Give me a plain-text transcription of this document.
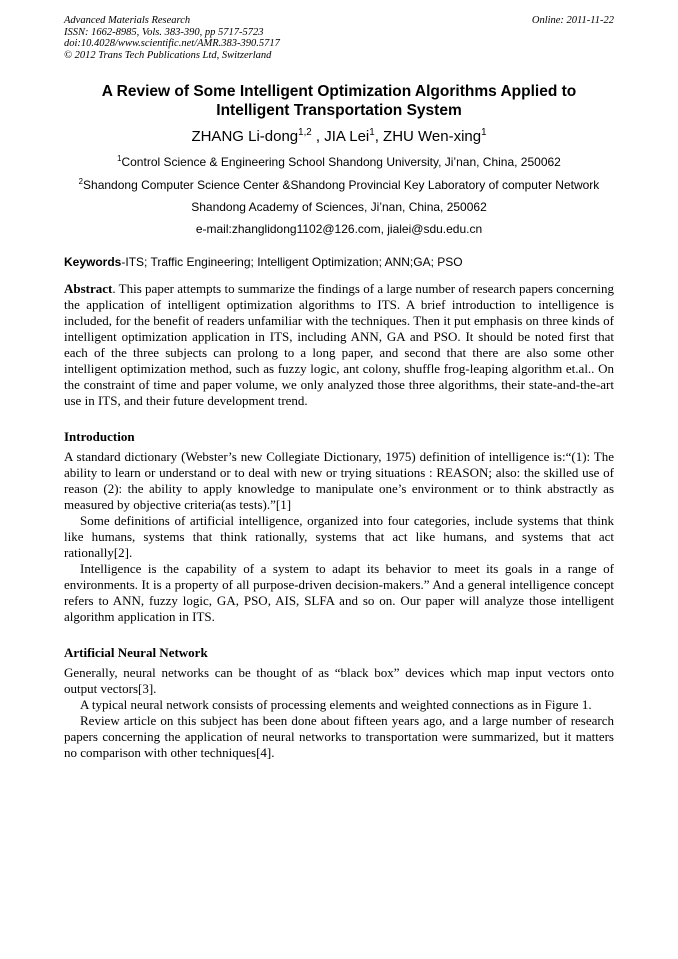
Advanced Materials Research
ISSN: 1662-8985, Vols. 383-390, pp 5717-5723
doi:10.4028/www.scientific.net/AMR.383-390.5717
© 2012 Trans Tech Publications Ltd, Switzerland
Online: 2011-11-22
A Review of Some Intelligent Optimization Algorithms Applied to Intelligent Transportation System
ZHANG Li-dong$^{1,2}$ , JIA Lei$^1$, ZHU Wen-xing$^1$
$^1$Control Science & Engineering School Shandong University, Ji’nan, China, 250062
$^2$Shandong Computer Science Center &Shandong Provincial Key Laboratory of computer Network
Shandong Academy of Sciences, Ji’nan, China, 250062
e-mail:zhanglidong1102@126.com, jialei@sdu.edu.cn
Keywords-ITS; Traffic Engineering; Intelligent Optimization; ANN;GA; PSO

Abstract. This paper attempts to summarize the findings of a large number of research papers concerning the application of intelligent optimization algorithms to ITS. A brief introduction to intelligence is included, for the benefit of readers unfamiliar with the techniques. Then it put emphasis on three kinds of intelligent optimization application in ITS, including ANN, GA and PSO. It should be noted first that each of the three subjects can prolong to a long paper, and second that there are also some other intelligent optimization method, such as fuzzy logic, ant colony, shuffle frog-leaping algorithm et.al.. On the constraint of time and paper volume, we only analyzed those three algorithms, their state-and-the-art use in ITS, and their future development trend.

Introduction

A standard dictionary (Webster’s new Collegiate Dictionary, 1975) definition of intelligence is:“(1): The ability to learn or understand or to deal with new or trying situations : REASON; also: the skilled use of reason (2): the ability to apply knowledge to manipulate one’s environment or to think abstractly as measured by objective criteria(as tests).”[1]

Some definitions of artificial intelligence, organized into four categories, include systems that think like humans, systems that think rationally, systems that act like humans, and systems that act rationally[2].

Intelligence is the capability of a system to adapt its behavior to meet its goals in a range of environments. It is a property of all purpose-driven decision-makers.” And a general intelligence concept refers to ANN, fuzzy logic, GA, PSO, AIS, SLFA and so on. Our paper will analyze those intelligent algorithm application in ITS.

Artificial Neural Network

Generally, neural networks can be thought of as “black box” devices which map input vectors onto output vectors[3].

A typical neural network consists of processing elements and weighted connections as in Figure 1.

Review article on this subject has been done about fifteen years ago, and a large number of research papers concerning the application of neural networks to transportation were summarized, but it matters no comparison with other techniques[4].
